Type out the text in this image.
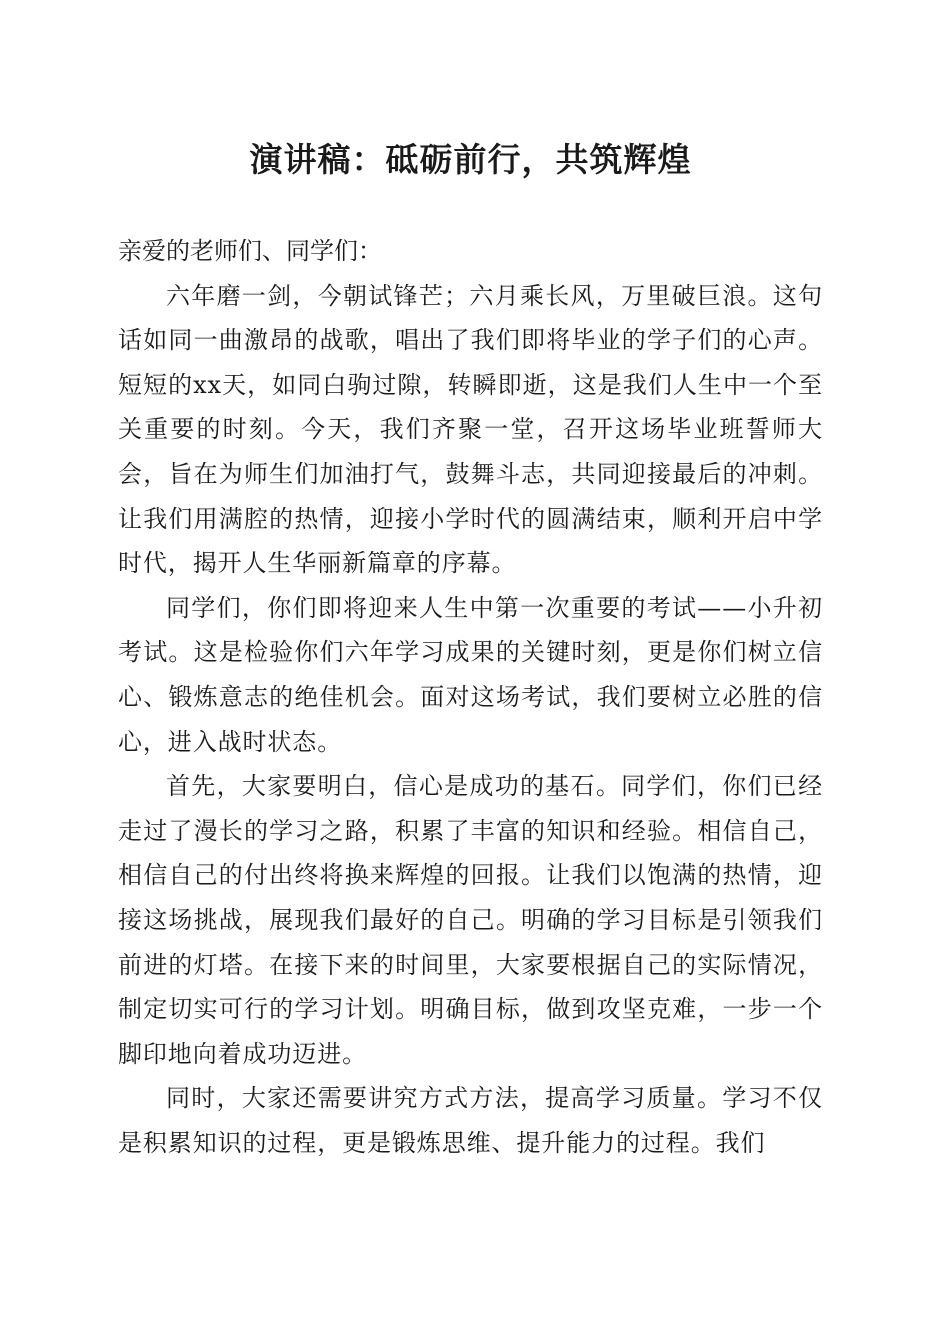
演讲稿：砥砺前行，共筑辉煌

亲爱的老师们、同学们：

六年磨一剑，今朝试锋芒；六月乘长风，万里破巨浪。这句话如同一曲激昂的战歌，唱出了我们即将毕业的学子们的心声。短短的xx天，如同白驹过隙，转瞬即逝，这是我们人生中一个至关重要的时刻。今天，我们齐聚一堂，召开这场毕业班誓师大会，旨在为师生们加油打气，鼓舞斗志，共同迎接最后的冲刺。让我们用满腔的热情，迎接小学时代的圆满结束，顺利开启中学时代，揭开人生华丽新篇章的序幕。

同学们，你们即将迎来人生中第一次重要的考试——小升初考试。这是检验你们六年学习成果的关键时刻，更是你们树立信心、锻炼意志的绝佳机会。面对这场考试，我们要树立必胜的信心，进入战时状态。

首先，大家要明白，信心是成功的基石。同学们，你们已经走过了漫长的学习之路，积累了丰富的知识和经验。相信自己，相信自己的付出终将换来辉煌的回报。让我们以饱满的热情，迎接这场挑战，展现我们最好的自己。明确的学习目标是引领我们前进的灯塔。在接下来的时间里，大家要根据自己的实际情况，制定切实可行的学习计划。明确目标，做到攻坚克难，一步一个脚印地向着成功迈进。

同时，大家还需要讲究方式方法，提高学习质量。学习不仅是积累知识的过程，更是锻炼思维、提升能力的过程。我们
